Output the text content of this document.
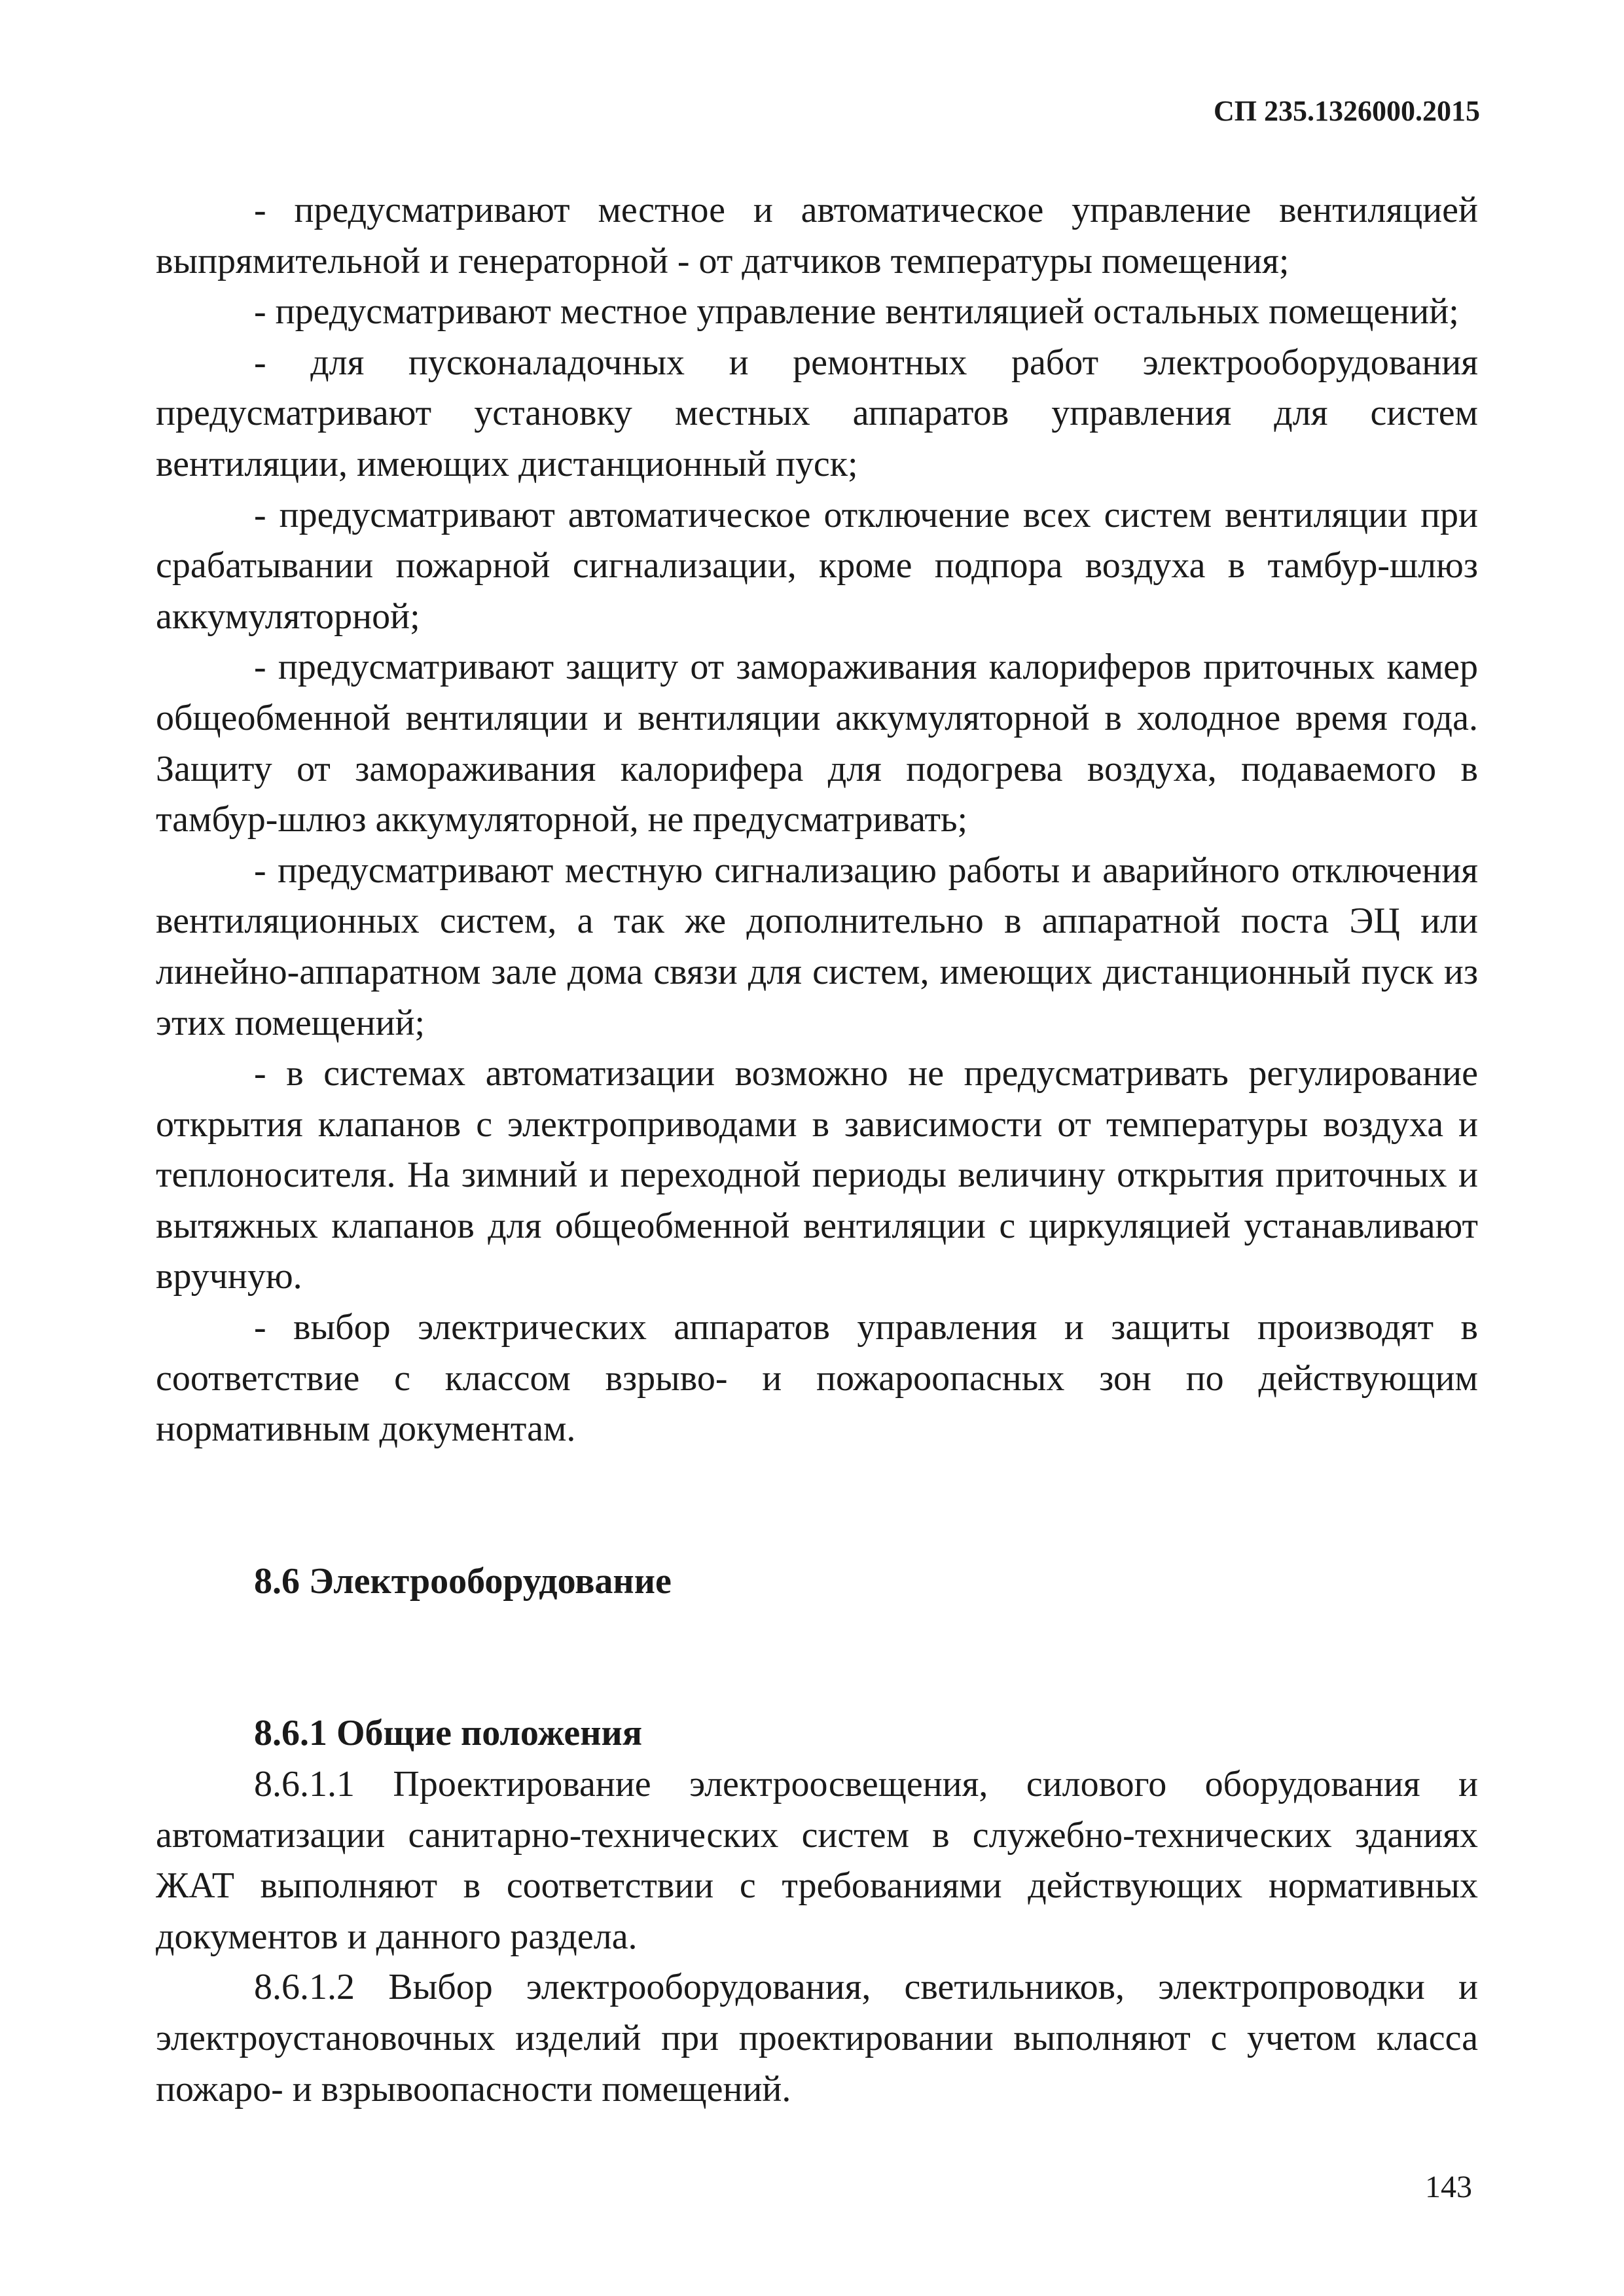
СП 235.1326000.2015

- предусматривают местное и автоматическое управление вентиляцией выпрямительной и генераторной - от датчиков температуры помещения;

- предусматривают местное управление вентиляцией остальных помещений;

- для пусконаладочных и ремонтных работ электрооборудования предусматривают установку местных аппаратов управления для систем вентиляции, имеющих дистанционный пуск;

- предусматривают автоматическое отключение всех систем вентиляции при срабатывании пожарной сигнализации, кроме подпора воздуха в тамбур-шлюз аккумуляторной;

- предусматривают защиту от замораживания калориферов приточных камер общеобменной вентиляции и вентиляции аккумуляторной в холодное время года. Защиту от замораживания калорифера для подогрева воздуха, подаваемого в тамбур-шлюз аккумуляторной, не предусматривать;

- предусматривают местную сигнализацию работы и аварийного отключения вентиляционных систем, а так же дополнительно в аппаратной поста ЭЦ или линейно-аппаратном зале дома связи для систем, имеющих дистанционный пуск из этих помещений;

- в системах автоматизации возможно не предусматривать регулирование открытия клапанов с электроприводами в зависимости от температуры воздуха и теплоносителя. На зимний и переходной периоды величину открытия приточных и вытяжных клапанов для общеобменной вентиляции с циркуляцией устанавливают вручную.

- выбор электрических аппаратов управления и защиты производят в соответствие с классом взрыво- и пожароопасных зон по действующим нормативным документам.

8.6 Электрооборудование

8.6.1 Общие положения

8.6.1.1 Проектирование электроосвещения, силового оборудования и автоматизации санитарно-технических систем в служебно-технических зданиях ЖАТ выполняют в соответствии с требованиями действующих нормативных документов и данного раздела.

8.6.1.2 Выбор электрооборудования, светильников, электропроводки и электроустановочных изделий при проектировании выполняют с учетом класса пожаро- и взрывоопасности помещений.

143
